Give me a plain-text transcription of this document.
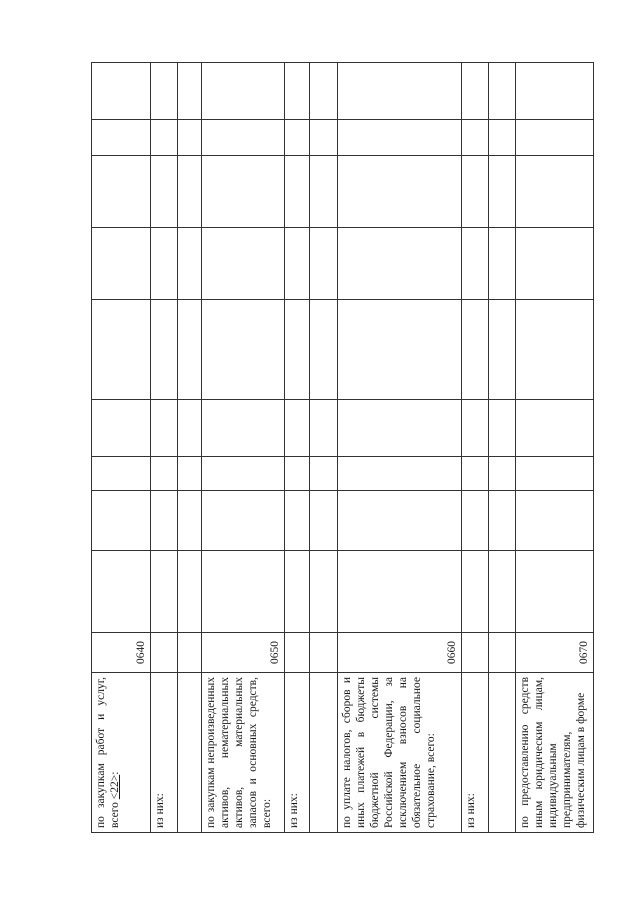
по закупкам работ и услуг, всего <22>:	0640									
из них:										

по закупкам непроизведенных активов, нематериальных активов, материальных запасов и основных средств, всего:	0650									
из них:										

по уплате налогов, сборов и иных платежей в бюджеты бюджетной системы Российской Федерации, за исключением взносов на обязательное социальное страхование, всего:	0660									
из них:										

по предоставлению средств иным юридическим лицам, индивидуальным предпринимателям, физическим лицам в форме	0670									
